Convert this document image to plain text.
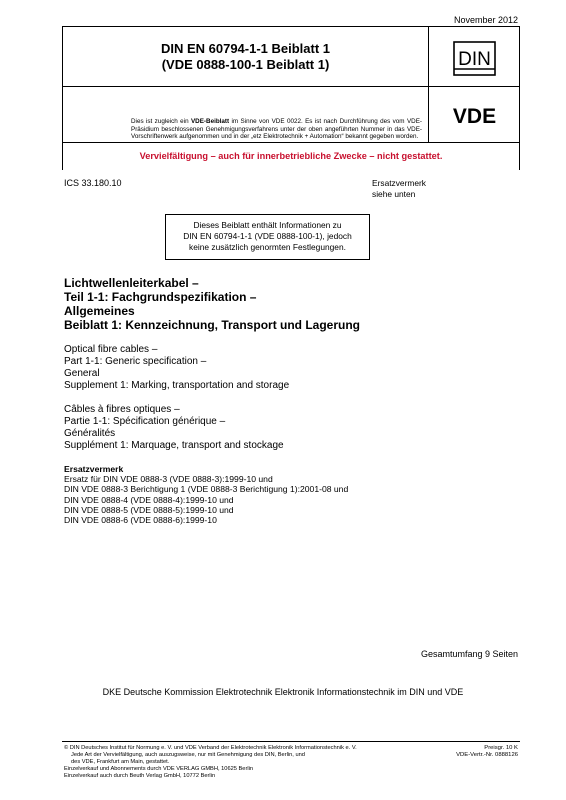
November 2012
DIN EN 60794-1-1 Beiblatt 1
(VDE 0888-100-1 Beiblatt 1)	DIN

Dies ist zugleich ein VDE-Beiblatt im Sinne von VDE 0022. Es ist nach Durchführung des vom VDE-Präsidium beschlossenen Genehmigungsverfahrens unter der oben angeführten Nummer in das VDE-Vorschriftenwerk aufgenommen und in der „etz Elektrotechnik + Automation“ bekannt gegeben worden.

VDE
Vervielfältigung – auch für innerbetriebliche Zwecke – nicht gestattet.
ICS 33.180.10	Ersatzvermerk
siehe unten
Dieses Beiblatt enthält Informationen zu
DIN EN 60794-1-1 (VDE 0888-100-1), jedoch
keine zusätzlich genormten Festlegungen.
Lichtwellenleiterkabel –
Teil 1-1: Fachgrundspezifikation –
Allgemeines
Beiblatt 1: Kennzeichnung, Transport und Lagerung
Optical fibre cables –
Part 1-1: Generic specification –
General
Supplement 1: Marking, transportation and storage
Câbles à fibres optiques –
Partie 1-1: Spécification générique –
Généralités
Supplément 1: Marquage, transport and stockage
Ersatzvermerk
Ersatz für DIN VDE 0888-3 (VDE 0888-3):1999-10 und
DIN VDE 0888-3 Berichtigung 1 (VDE 0888-3 Berichtigung 1):2001-08 und
DIN VDE 0888-4 (VDE 0888-4):1999-10 und
DIN VDE 0888-5 (VDE 0888-5):1999-10 und
DIN VDE 0888-6 (VDE 0888-6):1999-10
Gesamtumfang 9 Seiten
DKE Deutsche Kommission Elektrotechnik Elektronik Informationstechnik im DIN und VDE
© DIN Deutsches Institut für Normung e. V. und VDE Verband der Elektrotechnik Elektronik Informationstechnik e. V.
Jede Art der Vervielfältigung, auch auszugsweise, nur mit Genehmigung des DIN, Berlin, und
des VDE, Frankfurt am Main, gestattet.
Einzelverkauf und Abonnements durch VDE VERLAG GMBH, 10625 Berlin
Einzelverkauf auch durch Beuth Verlag GmbH, 10772 Berlin
Preisgr. 10 K
VDE-Vertr.-Nr. 0888126
